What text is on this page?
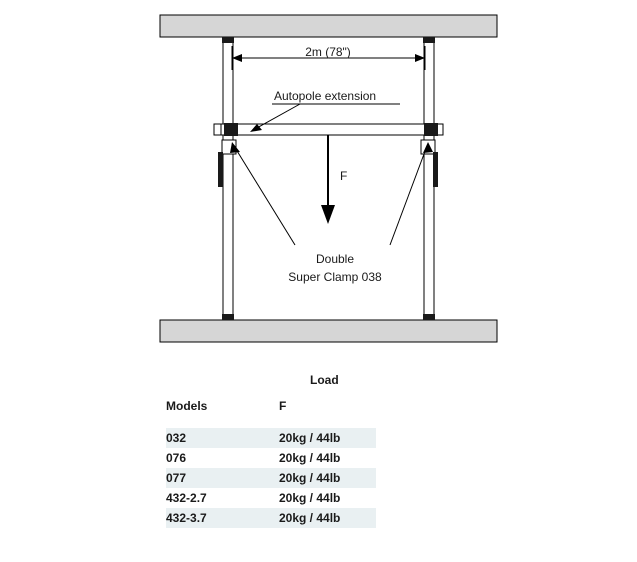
2m (78")
F
Autopole extension
Double
Super Clamp 038
Load
Models	F
032	20kg / 44lb
076	20kg / 44lb
077	20kg / 44lb
432-2.7	20kg / 44lb
432-3.7	20kg / 44lb
